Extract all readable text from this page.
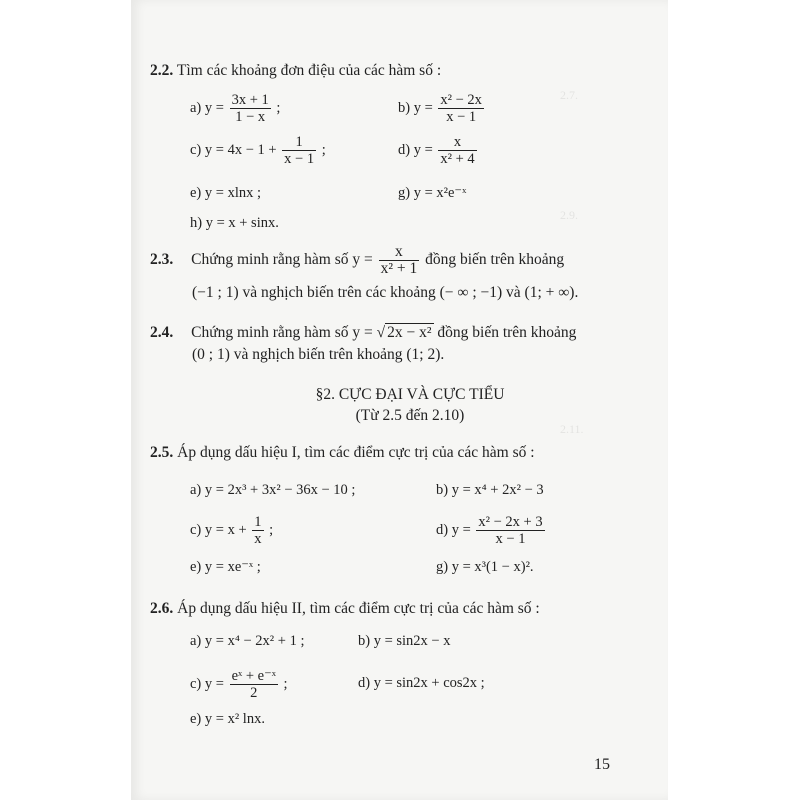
2.7.
2.9.
2.11.
2.2. Tìm các khoảng đơn điệu của các hàm số :
a) $y = \frac{3x + 1}{1 - x}$ ;	b) $y = \frac{\text{x² − 2x}}{x - 1}$
c) $y = 4x - 1 + \frac{1}{x - 1}$ ;	d) $y = \frac{x}{\text{x² + 4}}$
e) y = xlnx ;	g) y = x²e⁻ˣ
h) y = x + sinx.
2.3. Chứng minh rằng hàm số $y = \frac{x}{\text{x² + 1}}$ đồng biến trên khoảng
(−1 ; 1) và nghịch biến trên các khoảng (− ∞ ; −1) và (1; + ∞).
2.4. Chứng minh rằng hàm số y = √ 2x − x² đồng biến trên khoảng
(0 ; 1) và nghịch biến trên khoảng (1; 2).
§2. CỰC ĐẠI VÀ CỰC TIỂU
(Từ 2.5 đến 2.10)
2.5. Áp dụng dấu hiệu I, tìm các điểm cực trị của các hàm số :
a) y = 2x³ + 3x² − 36x − 10 ;	b) y = x⁴ + 2x² − 3
c) $y = x + \frac{1}{x}$ ;	d) $y = \frac{\text{x² − 2x + 3}}{x - 1}$
e) y = xe⁻ˣ ;	g) y = x³(1 − x)².
2.6. Áp dụng dấu hiệu II, tìm các điểm cực trị của các hàm số :
a) y = x⁴ − 2x² + 1 ;	b) y = sin2x − x
c) $y = \frac{\text{eˣ + e⁻ˣ}}{2}$ ;	d) y = sin2x + cos2x ;
e) y = x² lnx.
15
